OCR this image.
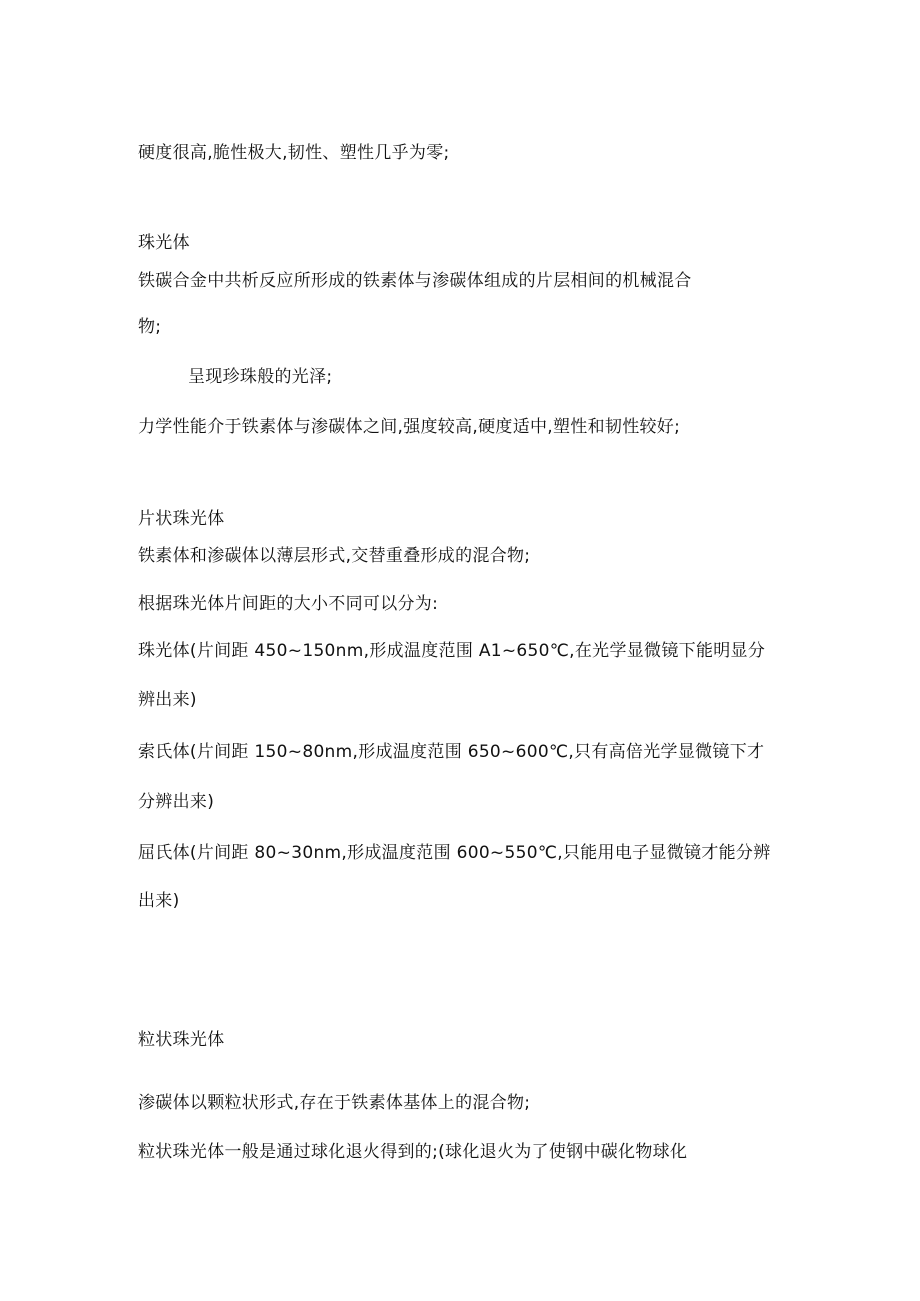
硬度很高,脆性极大,韧性、塑性几乎为零;
珠光体
铁碳合金中共析反应所形成的铁素体与渗碳体组成的片层相间的机械混合
物;
呈现珍珠般的光泽;
力学性能介于铁素体与渗碳体之间,强度较高,硬度适中,塑性和韧性较好;
片状珠光体
铁素体和渗碳体以薄层形式,交替重叠形成的混合物;
根据珠光体片间距的大小不同可以分为:
珠光体(片间距 450~150nm,形成温度范围 A1~650℃,在光学显微镜下能明显分
辨出来)
索氏体(片间距 150~80nm,形成温度范围 650~600℃,只有高倍光学显微镜下才
分辨出来)
屈氏体(片间距 80~30nm,形成温度范围 600~550℃,只能用电子显微镜才能分辨
出来)
粒状珠光体
渗碳体以颗粒状形式,存在于铁素体基体上的混合物;
粒状珠光体一般是通过球化退火得到的;(球化退火为了使钢中碳化物球化
